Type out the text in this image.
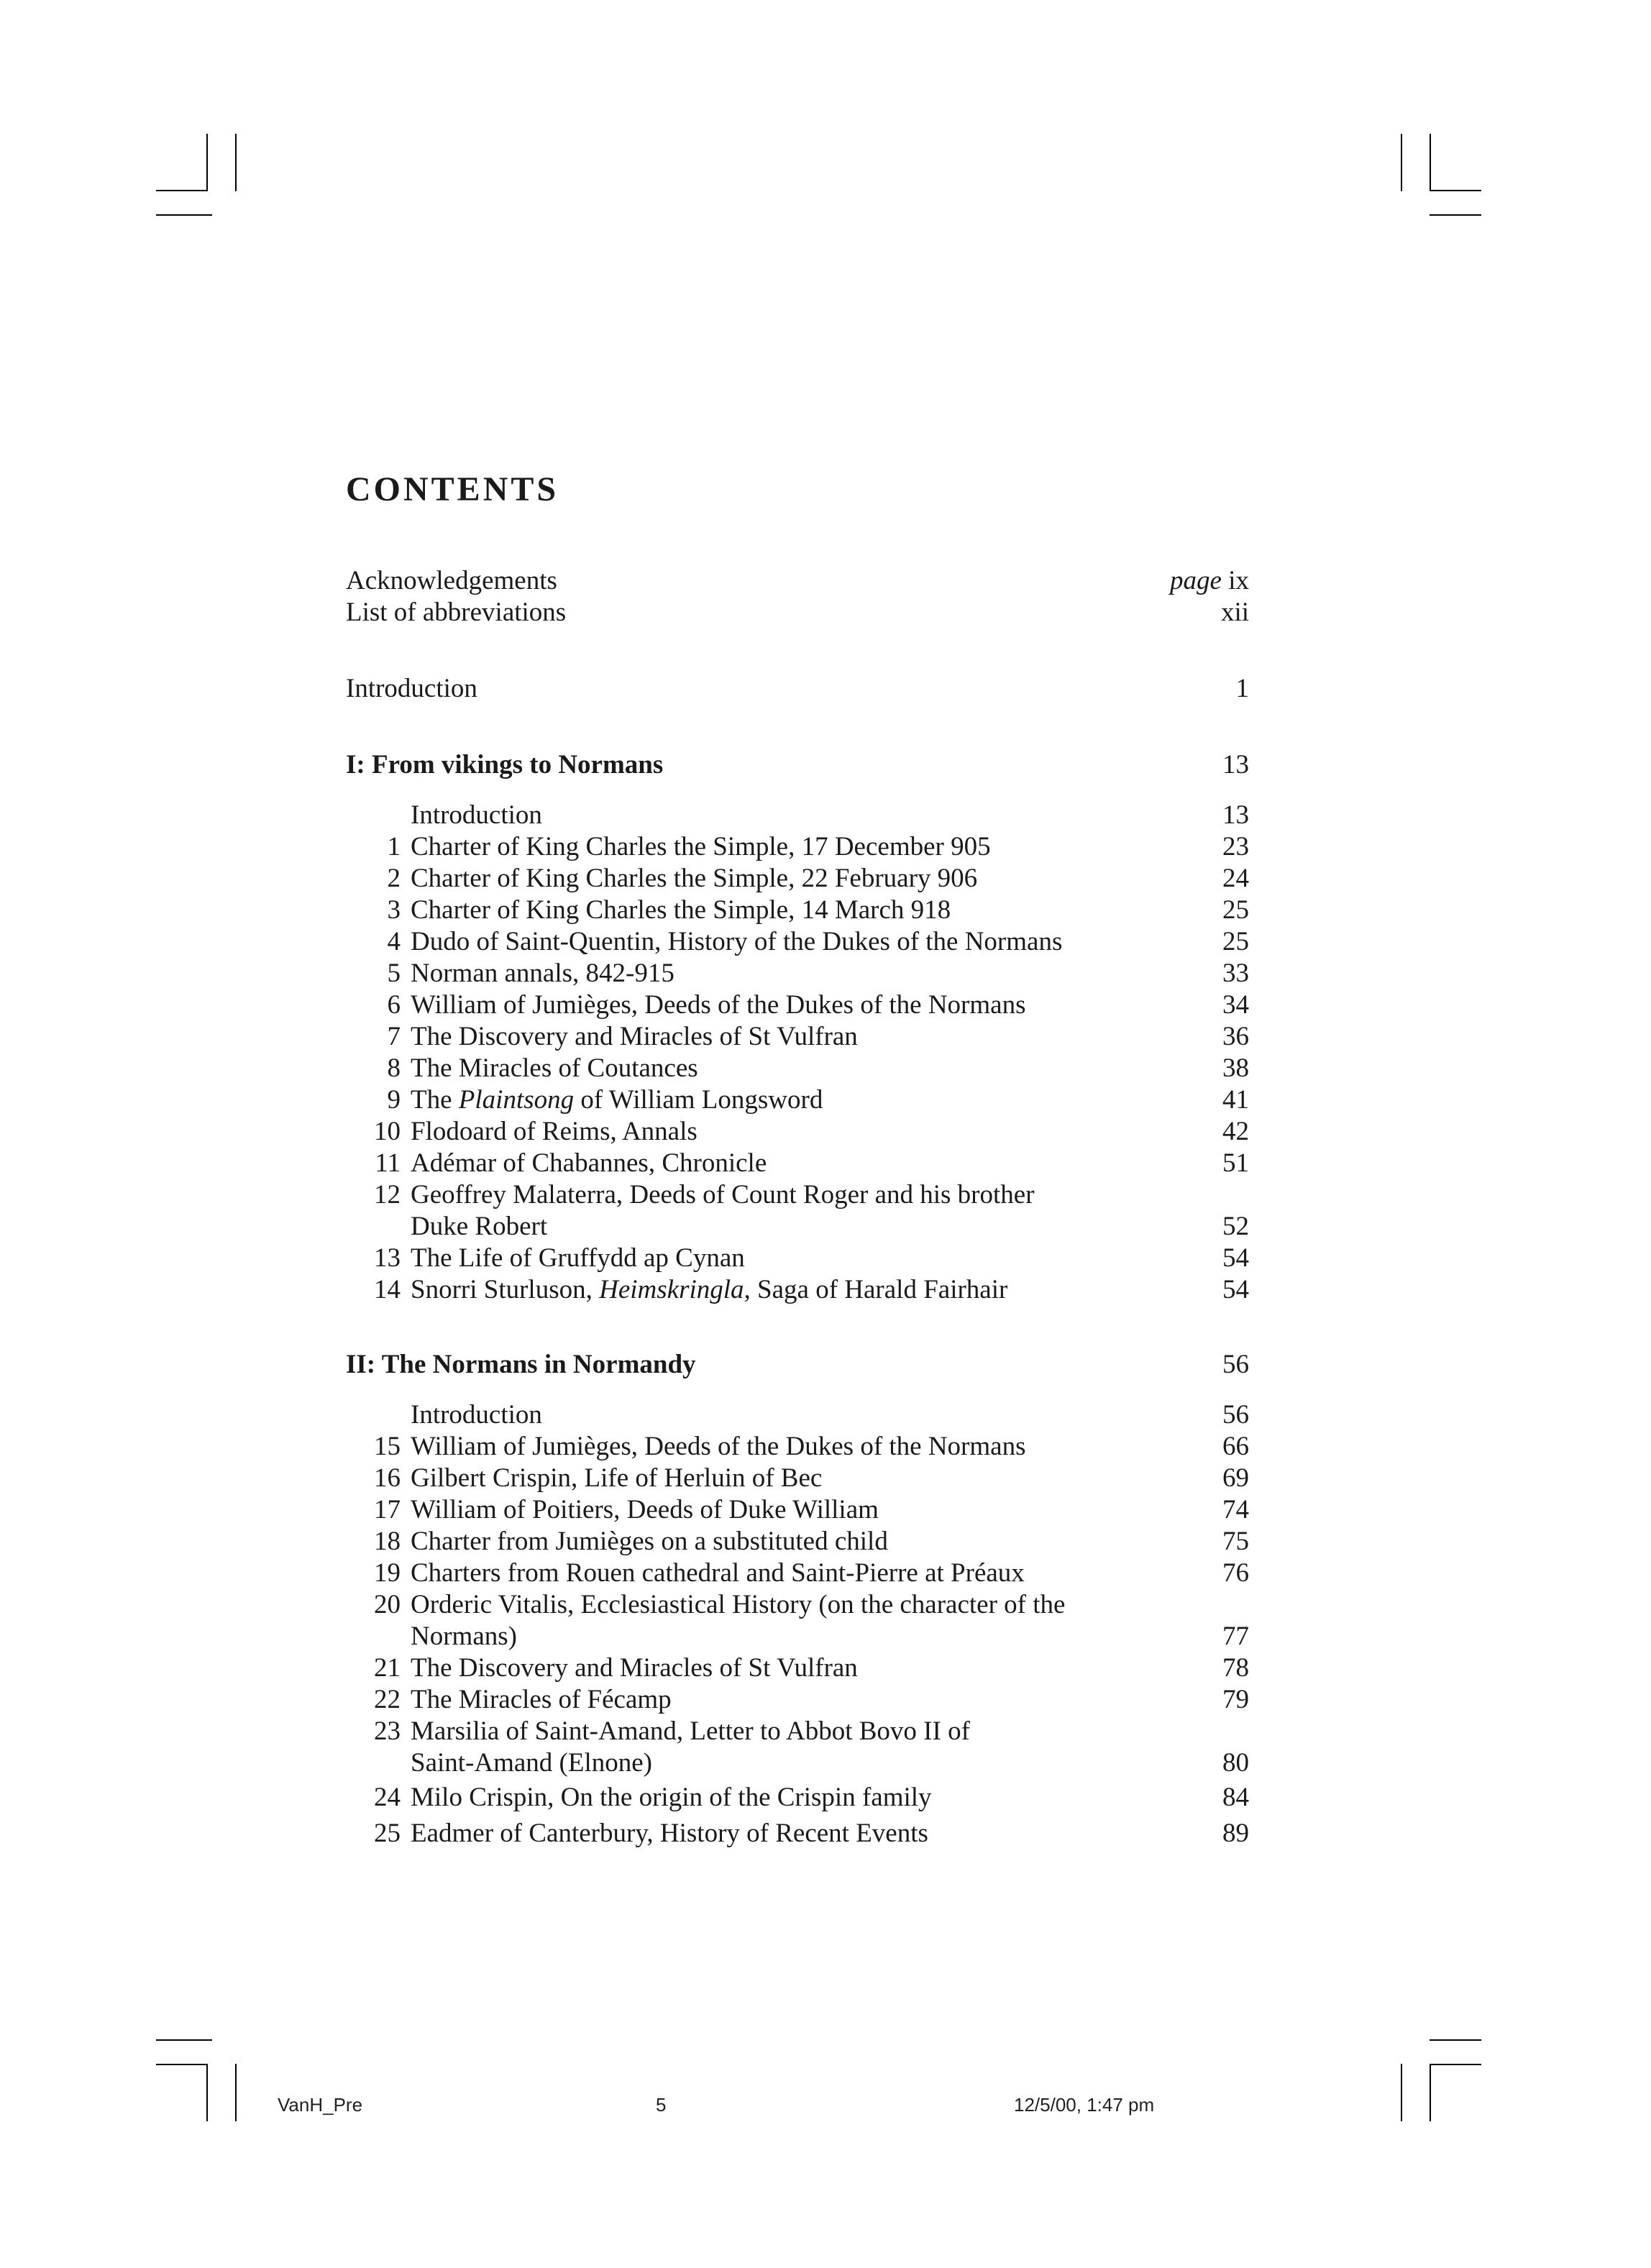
CONTENTS
Acknowledgements	page ix
List of abbreviations	xii
Introduction	1
I: From vikings to Normans	13
Introduction	13
1 Charter of King Charles the Simple, 17 December 905	23
2 Charter of King Charles the Simple, 22 February 906	24
3 Charter of King Charles the Simple, 14 March 918	25
4 Dudo of Saint-Quentin, History of the Dukes of the Normans	25
5 Norman annals, 842-915	33
6 William of Jumièges, Deeds of the Dukes of the Normans	34
7 The Discovery and Miracles of St Vulfran	36
8 The Miracles of Coutances	38
9 The Plaintsong of William Longsword	41
10 Flodoard of Reims, Annals	42
11 Adémar of Chabannes, Chronicle	51
12 Geoffrey Malaterra, Deeds of Count Roger and his brother
Duke Robert	52
13 The Life of Gruffydd ap Cynan	54
14 Snorri Sturluson, Heimskringla, Saga of Harald Fairhair	54
II: The Normans in Normandy	56
Introduction	56
15 William of Jumièges, Deeds of the Dukes of the Normans	66
16 Gilbert Crispin, Life of Herluin of Bec	69
17 William of Poitiers, Deeds of Duke William	74
18 Charter from Jumièges on a substituted child	75
19 Charters from Rouen cathedral and Saint-Pierre at Préaux	76
20 Orderic Vitalis, Ecclesiastical History (on the character of the
Normans)	77
21 The Discovery and Miracles of St Vulfran	78
22 The Miracles of Fécamp	79
23 Marsilia of Saint-Amand, Letter to Abbot Bovo II of
Saint-Amand (Elnone)	80
24 Milo Crispin, On the origin of the Crispin family	84
25 Eadmer of Canterbury, History of Recent Events	89
VanH_Pre	5	12/5/00, 1:47 pm
